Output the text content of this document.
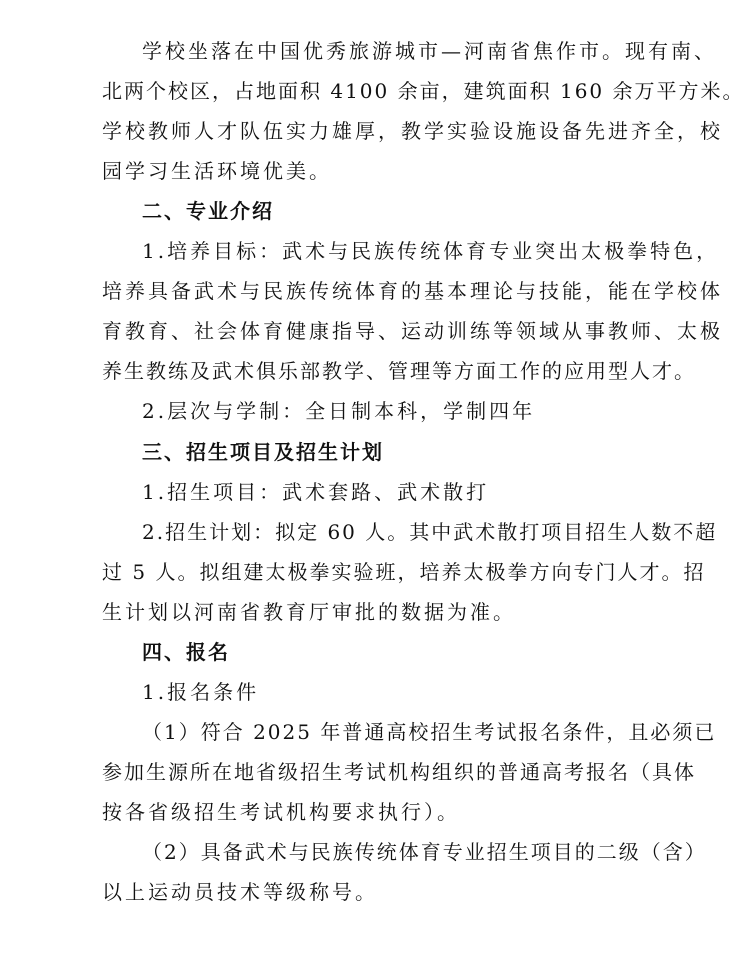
学校坐落在中国优秀旅游城市—河南省焦作市。现有南、
北两个校区，占地面积 4100 余亩，建筑面积 160 余万平方米。
学校教师人才队伍实力雄厚，教学实验设施设备先进齐全，校
园学习生活环境优美。
二、专业介绍
1.培养目标：武术与民族传统体育专业突出太极拳特色，
培养具备武术与民族传统体育的基本理论与技能，能在学校体
育教育、社会体育健康指导、运动训练等领域从事教师、太极
养生教练及武术俱乐部教学、管理等方面工作的应用型人才。
2.层次与学制：全日制本科，学制四年
三、招生项目及招生计划
1.招生项目：武术套路、武术散打
2.招生计划：拟定 60 人。其中武术散打项目招生人数不超
过 5 人。拟组建太极拳实验班，培养太极拳方向专门人才。招
生计划以河南省教育厅审批的数据为准。
四、报名
1.报名条件
（1）符合 2025 年普通高校招生考试报名条件，且必须已
参加生源所在地省级招生考试机构组织的普通高考报名（具体
按各省级招生考试机构要求执行）。
（2）具备武术与民族传统体育专业招生项目的二级（含）
以上运动员技术等级称号。
